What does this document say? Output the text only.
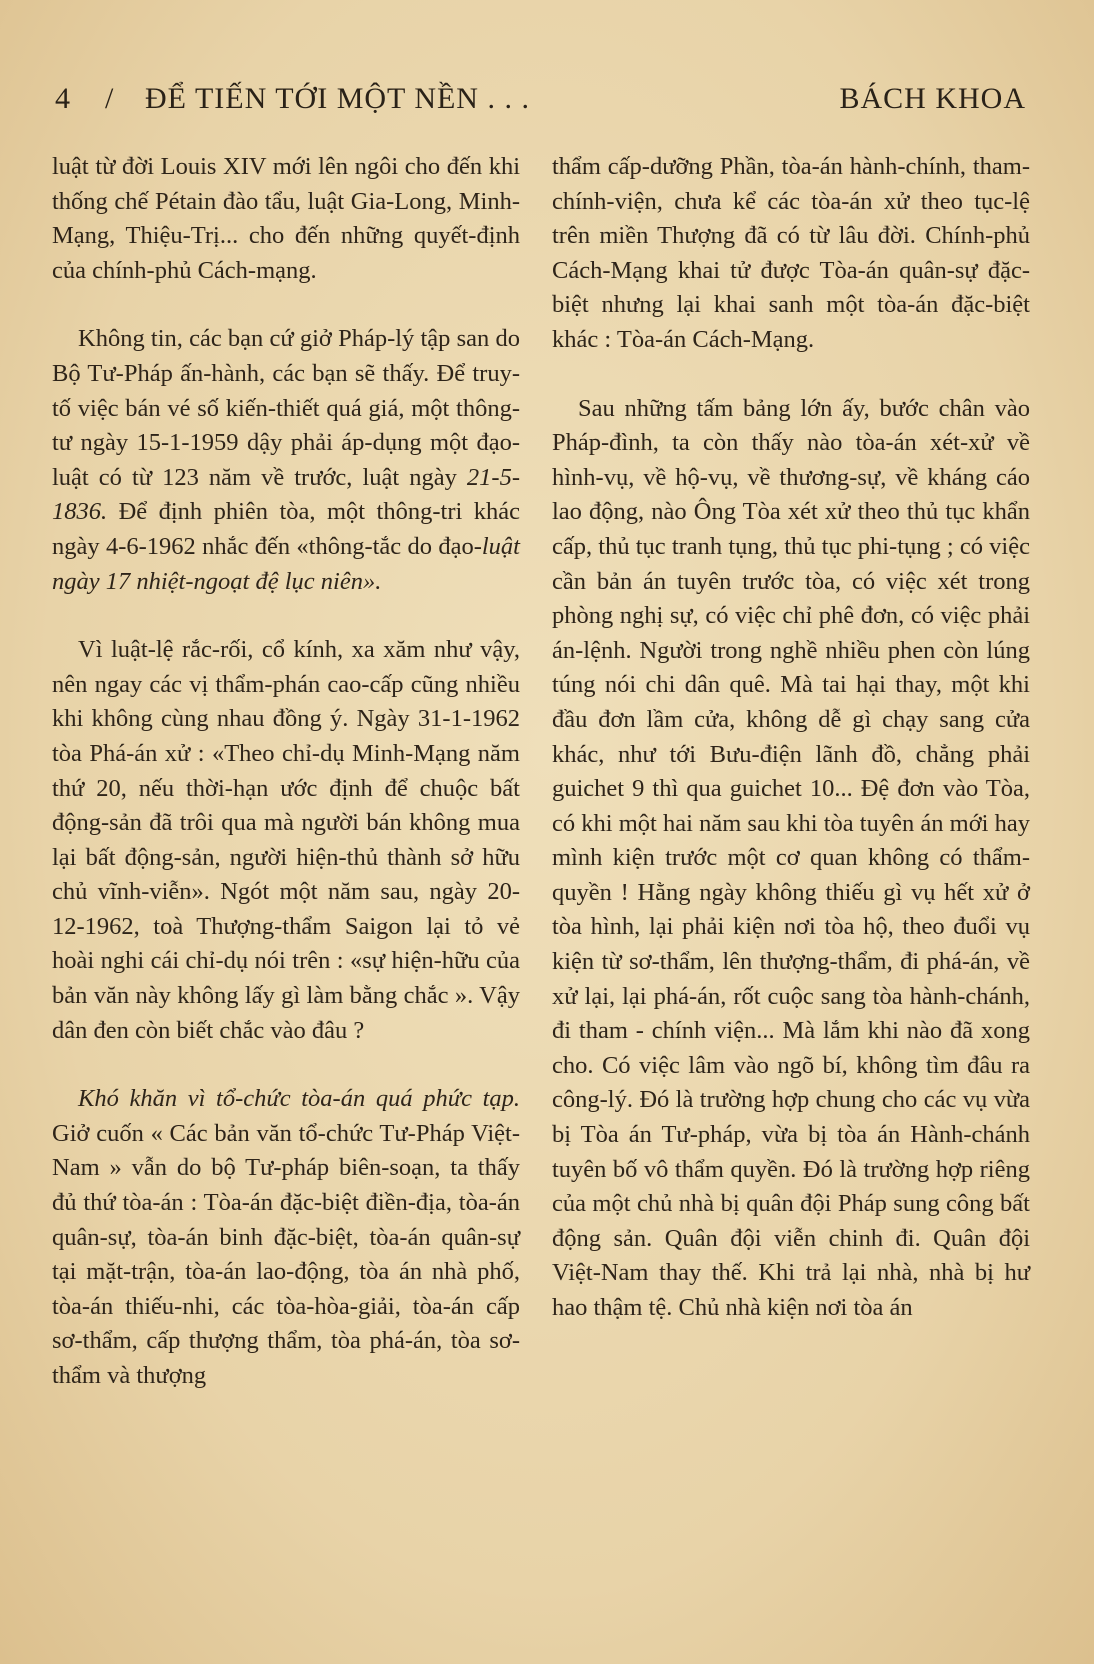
4 / ĐỂ TIẾN TỚI MỘT NỀN . . .	BÁCH KHOA

luật từ đời Louis XIV mới lên ngôi cho đến khi thống chế Pétain đào tẩu, luật Gia-Long, Minh-Mạng, Thiệu-Trị... cho đến những quyết-định của chính-phủ Cách-mạng.

Không tin, các bạn cứ giở Pháp-lý tập san do Bộ Tư-Pháp ấn-hành, các bạn sẽ thấy. Để truy-tố việc bán vé số kiến-thiết quá giá, một thông-tư ngày 15-1-1959 dậy phải áp-dụng một đạo-luật có từ 123 năm về trước, luật ngày 21-5-1836. Để định phiên tòa, một thông-tri khác ngày 4-6-1962 nhắc đến «thông-tắc do đạo-luật ngày 17 nhiệt-ngoạt đệ lục niên».

Vì luật-lệ rắc-rối, cổ kính, xa xăm như vậy, nên ngay các vị thẩm-phán cao-cấp cũng nhiều khi không cùng nhau đồng ý. Ngày 31-1-1962 tòa Phá-án xử : «Theo chỉ-dụ Minh-Mạng năm thứ 20, nếu thời-hạn ước định để chuộc bất động-sản đã trôi qua mà người bán không mua lại bất động-sản, người hiện-thủ thành sở hữu chủ vĩnh-viễn». Ngót một năm sau, ngày 20-12-1962, toà Thượng-thẩm Saigon lại tỏ vẻ hoài nghi cái chỉ-dụ nói trên : «sự hiện-hữu của bản văn này không lấy gì làm bằng chắc ». Vậy dân đen còn biết chắc vào đâu ?

Khó khăn vì tổ-chức tòa-án quá phức tạp. Giở cuốn « Các bản văn tổ-chức Tư-Pháp Việt-Nam » vẫn do bộ Tư-pháp biên-soạn, ta thấy đủ thứ tòa-án : Tòa-án đặc-biệt điền-địa, tòa-án quân-sự, tòa-án binh đặc-biệt, tòa-án quân-sự tại mặt-trận, tòa-án lao-động, tòa án nhà phố, tòa-án thiếu-nhi, các tòa-hòa-giải, tòa-án cấp sơ-thẩm, cấp thượng thẩm, tòa phá-án, tòa sơ-thẩm và thượng

thẩm cấp-dưỡng Phần, tòa-án hành-chính, tham-chính-viện, chưa kể các tòa-án xử theo tục-lệ trên miền Thượng đã có từ lâu đời. Chính-phủ Cách-Mạng khai tử được Tòa-án quân-sự đặc-biệt nhưng lại khai sanh một tòa-án đặc-biệt khác : Tòa-án Cách-Mạng.

Sau những tấm bảng lớn ấy, bước chân vào Pháp-đình, ta còn thấy nào tòa-án xét-xử về hình-vụ, về hộ-vụ, về thương-sự, về kháng cáo lao động, nào Ông Tòa xét xử theo thủ tục khẩn cấp, thủ tục tranh tụng, thủ tục phi-tụng ; có việc cần bản án tuyên trước tòa, có việc xét trong phòng nghị sự, có việc chỉ phê đơn, có việc phải án-lệnh. Người trong nghề nhiều phen còn lúng túng nói chi dân quê. Mà tai hại thay, một khi đầu đơn lầm cửa, không dễ gì chạy sang cửa khác, như tới Bưu-điện lãnh đồ, chẳng phải guichet 9 thì qua guichet 10... Đệ đơn vào Tòa, có khi một hai năm sau khi tòa tuyên án mới hay mình kiện trước một cơ quan không có thẩm-quyền ! Hằng ngày không thiếu gì vụ hết xử ở tòa hình, lại phải kiện nơi tòa hộ, theo đuổi vụ kiện từ sơ-thẩm, lên thượng-thẩm, đi phá-án, về xử lại, lại phá-án, rốt cuộc sang tòa hành-chánh, đi tham - chính viện... Mà lắm khi nào đã xong cho. Có việc lâm vào ngõ bí, không tìm đâu ra công-lý. Đó là trường hợp chung cho các vụ vừa bị Tòa án Tư-pháp, vừa bị tòa án Hành-chánh tuyên bố vô thẩm quyền. Đó là trường hợp riêng của một chủ nhà bị quân đội Pháp sung công bất động sản. Quân đội viễn chinh đi. Quân đội Việt-Nam thay thế. Khi trả lại nhà, nhà bị hư hao thậm tệ. Chủ nhà kiện nơi tòa án
